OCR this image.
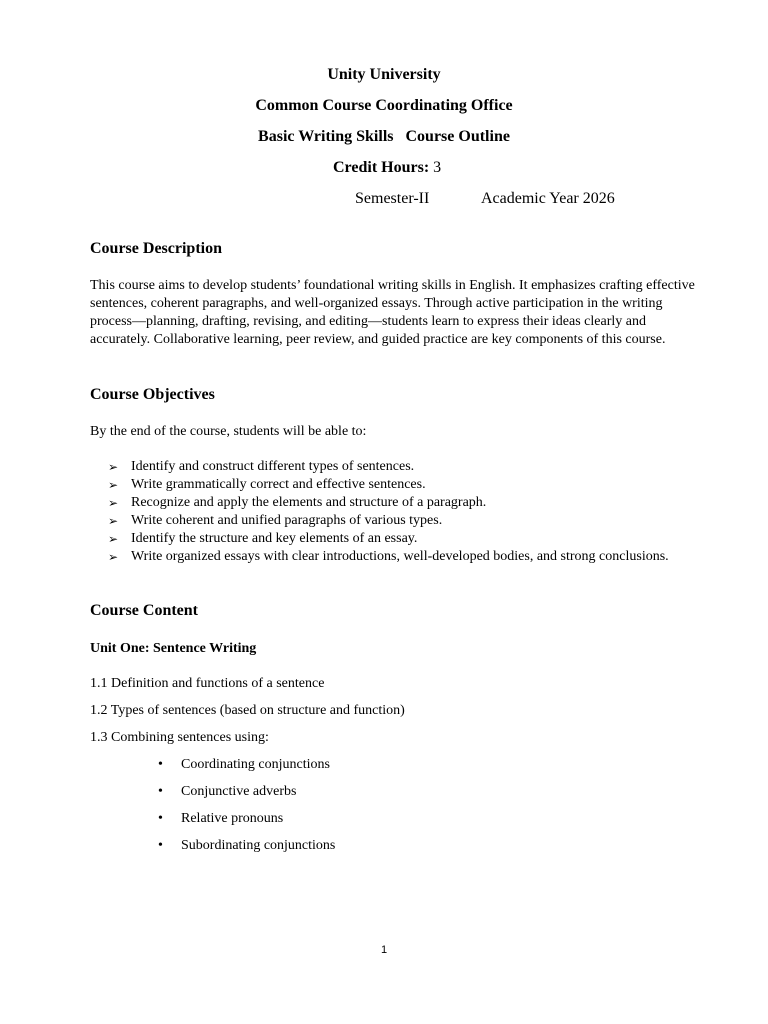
Unity University
Common Course Coordinating Office
Basic Writing Skills   Course Outline
Credit Hours: 3
Semester-II	Academic Year 2026
Course Description

This course aims to develop students’ foundational writing skills in English. It emphasizes crafting effective sentences, coherent paragraphs, and well-organized essays. Through active participation in the writing process—planning, drafting, revising, and editing—students learn to express their ideas clearly and accurately. Collaborative learning, peer review, and guided practice are key components of this course.

Course Objectives
By the end of the course, students will be able to:
➢ Identify and construct different types of sentences.
➢ Write grammatically correct and effective sentences.
➢ Recognize and apply the elements and structure of a paragraph.
➢ Write coherent and unified paragraphs of various types.
➢ Identify the structure and key elements of an essay.
➢ Write organized essays with clear introductions, well-developed bodies, and strong conclusions.
Course Content
Unit One: Sentence Writing
1.1 Definition and functions of a sentence
1.2 Types of sentences (based on structure and function)
1.3 Combining sentences using:
• Coordinating conjunctions
• Conjunctive adverbs
• Relative pronouns
• Subordinating conjunctions
1
